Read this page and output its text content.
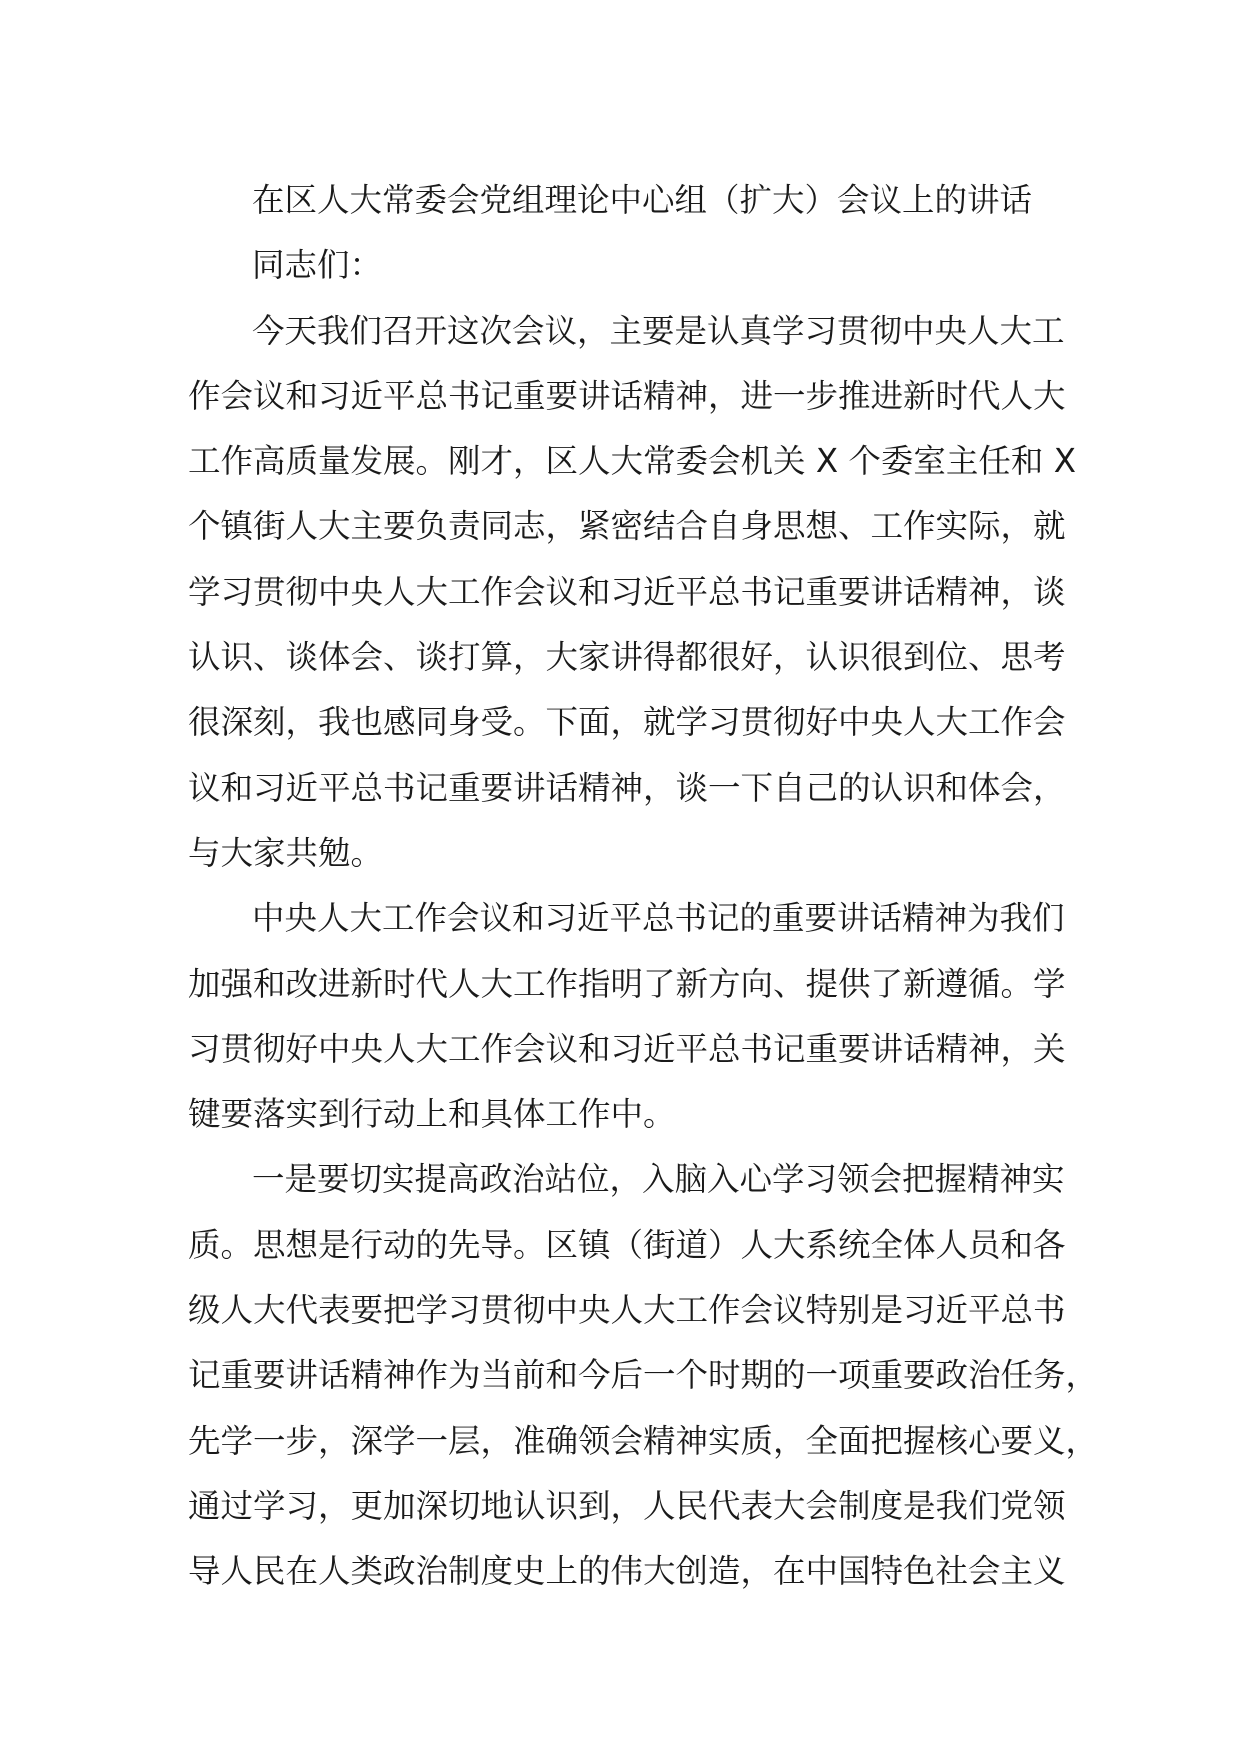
在区人大常委会党组理论中心组（扩大）会议上的讲话
同志们：
今天我们召开这次会议，主要是认真学习贯彻中央人大工
作会议和习近平总书记重要讲话精神，进一步推进新时代人大
工作高质量发展。刚才，区人大常委会机关 X 个委室主任和 X
个镇街人大主要负责同志，紧密结合自身思想、工作实际，就
学习贯彻中央人大工作会议和习近平总书记重要讲话精神，谈
认识、谈体会、谈打算，大家讲得都很好，认识很到位、思考
很深刻，我也感同身受。下面，就学习贯彻好中央人大工作会
议和习近平总书记重要讲话精神，谈一下自己的认识和体会，
与大家共勉。
中央人大工作会议和习近平总书记的重要讲话精神为我们
加强和改进新时代人大工作指明了新方向、提供了新遵循。学
习贯彻好中央人大工作会议和习近平总书记重要讲话精神，关
键要落实到行动上和具体工作中。
一是要切实提高政治站位，入脑入心学习领会把握精神实
质。思想是行动的先导。区镇（街道）人大系统全体人员和各
级人大代表要把学习贯彻中央人大工作会议特别是习近平总书
记重要讲话精神作为当前和今后一个时期的一项重要政治任务，
先学一步，深学一层，准确领会精神实质，全面把握核心要义，
通过学习，更加深切地认识到，人民代表大会制度是我们党领
导人民在人类政治制度史上的伟大创造，在中国特色社会主义
